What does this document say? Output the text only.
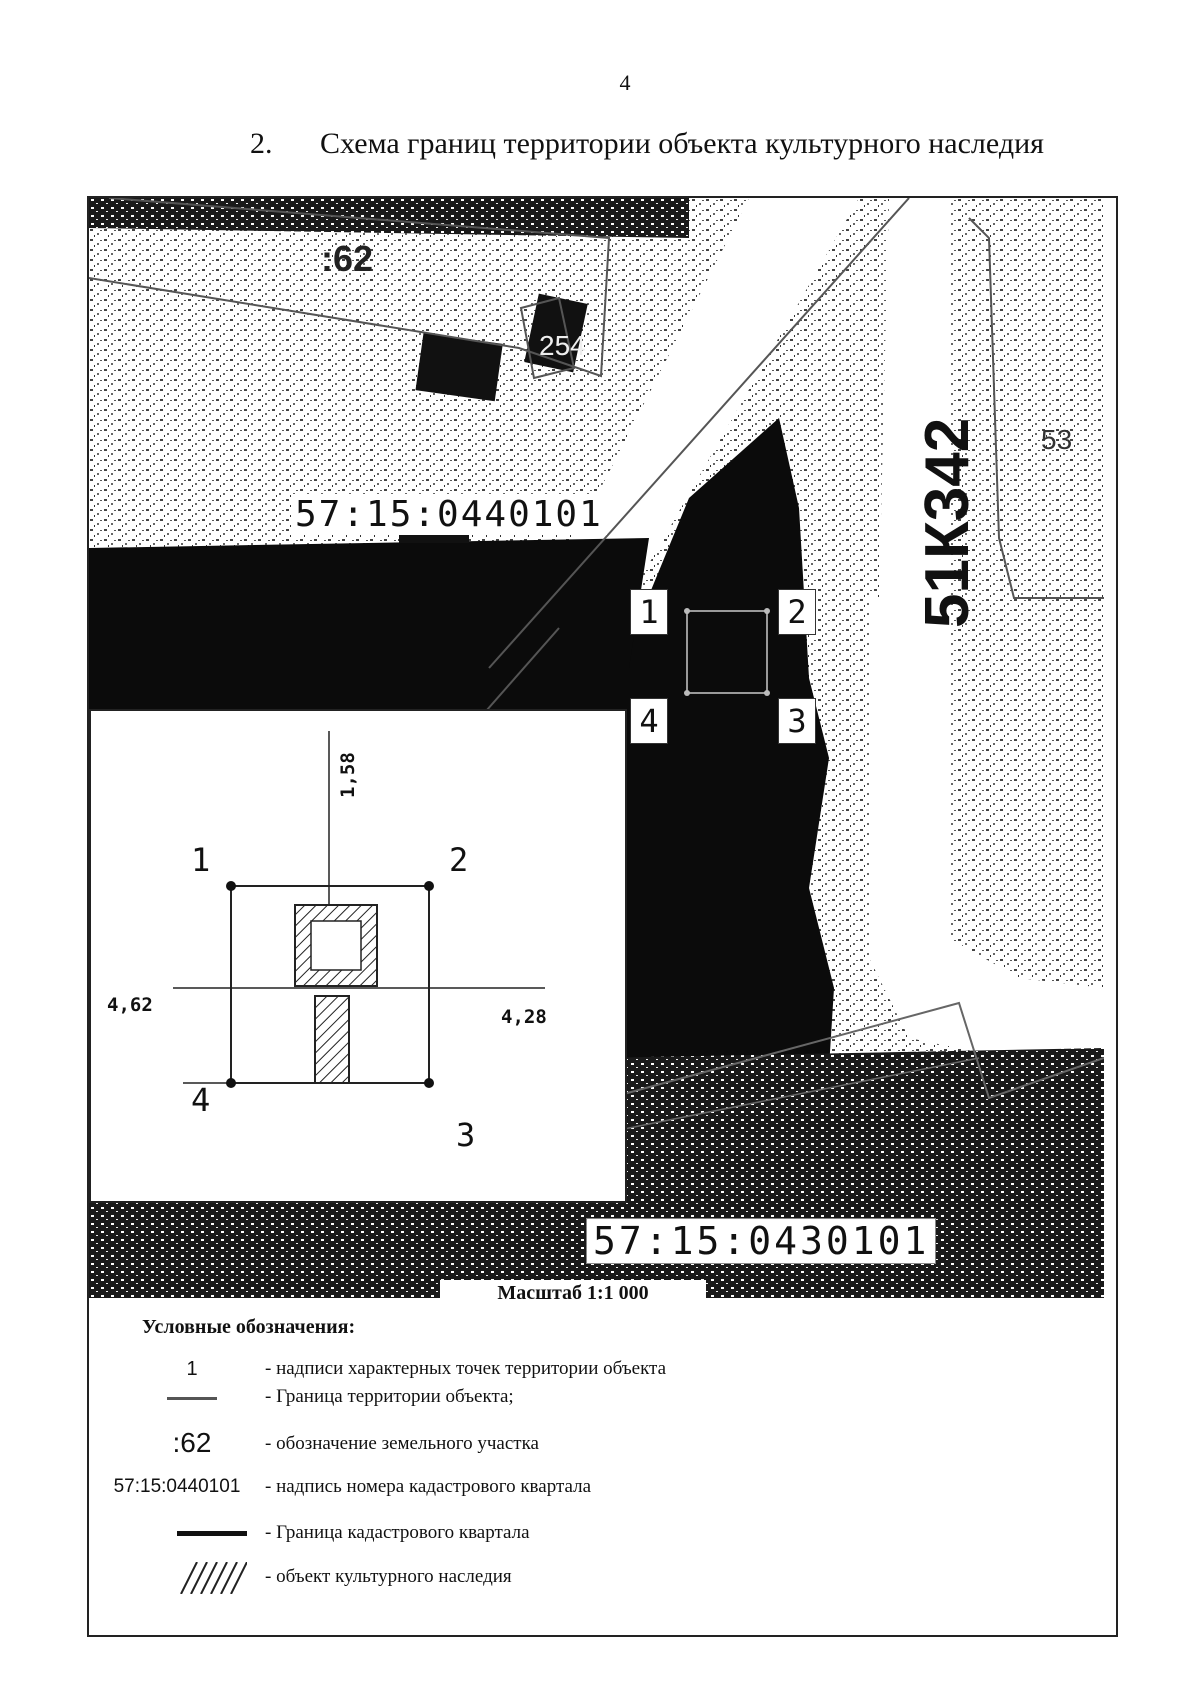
4
2. Схема границ территории объекта культурного наследия
:62
254
53
51К342
57:15:0440101
57:15:0430101
1	2
4	3
Масштаб 1:1 000
1	2
4
3
1,58
4,62
4,28
Условные обозначения:
1	- надписи характерных точек территории объекта
- Граница территории объекта;
:62	- обозначение земельного участка
57:15:0440101	- надпись номера кадастрового квартала
- Граница кадастрового квартала
- объект культурного наследия
